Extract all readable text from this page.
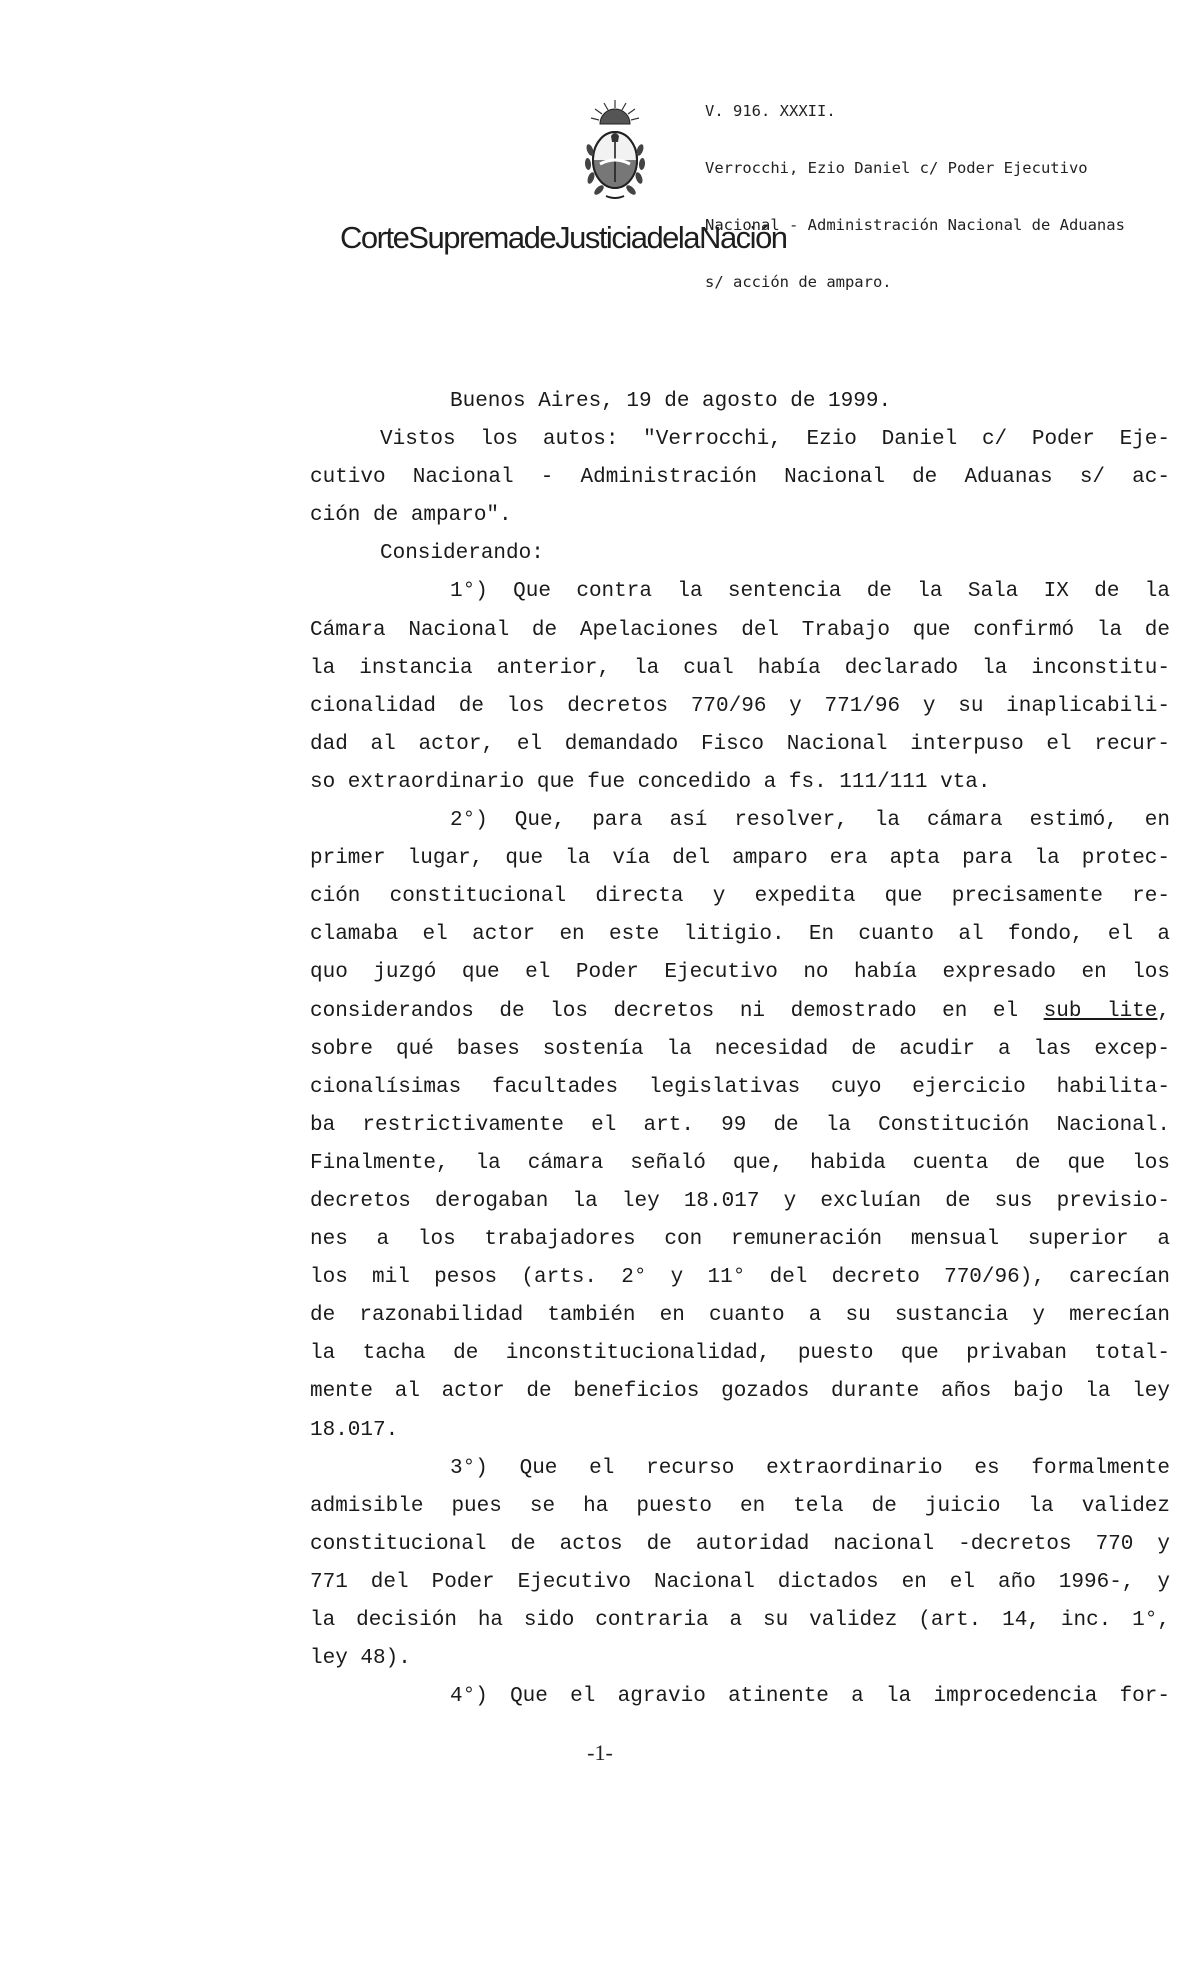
V. 916. XXXII.

Verrocchi, Ezio Daniel c/ Poder Ejecutivo

Nacional - Administración Nacional de Aduanas

s/ acción de amparo.

CorteSupremadeJusticiadelaNación
Buenos Aires, 19 de agosto de 1999.
Vistos los autos: "Verrocchi, Ezio Daniel c/ Poder Eje-
cutivo Nacional - Administración Nacional de Aduanas s/ ac-
ción de amparo".
Considerando:
1°) Que contra la sentencia de la Sala IX de la
Cámara Nacional de Apelaciones del Trabajo que confirmó la de
la instancia anterior, la cual había declarado la inconstitu-
cionalidad de los decretos 770/96 y 771/96 y su inaplicabili-
dad al actor, el demandado Fisco Nacional interpuso el recur-
so extraordinario que fue concedido a fs. 111/111 vta.
2°) Que, para así resolver, la cámara estimó, en
primer lugar, que la vía del amparo era apta para la protec-
ción constitucional directa y expedita que precisamente re-
clamaba el actor en este litigio. En cuanto al fondo, el a
quo juzgó que el Poder Ejecutivo no había expresado en los
considerandos de los decretos ni demostrado en el sub lite,
sobre qué bases sostenía la necesidad de acudir a las excep-
cionalísimas facultades legislativas cuyo ejercicio habilita-
ba restrictivamente el art. 99 de la Constitución Nacional.
Finalmente, la cámara señaló que, habida cuenta de que los
decretos derogaban la ley 18.017 y excluían de sus previsio-
nes a los trabajadores con remuneración mensual superior a
los mil pesos (arts. 2° y 11° del decreto 770/96), carecían
de razonabilidad también en cuanto a su sustancia y merecían
la tacha de inconstitucionalidad, puesto que privaban total-
mente al actor de beneficios gozados durante años bajo la ley
18.017.
3°) Que el recurso extraordinario es formalmente
admisible pues se ha puesto en tela de juicio la validez
constitucional de actos de autoridad nacional -decretos 770 y
771 del Poder Ejecutivo Nacional dictados en el año 1996-, y
la decisión ha sido contraria a su validez (art. 14, inc. 1°,
ley 48).
4°) Que el agravio atinente a la improcedencia for-
-1-
